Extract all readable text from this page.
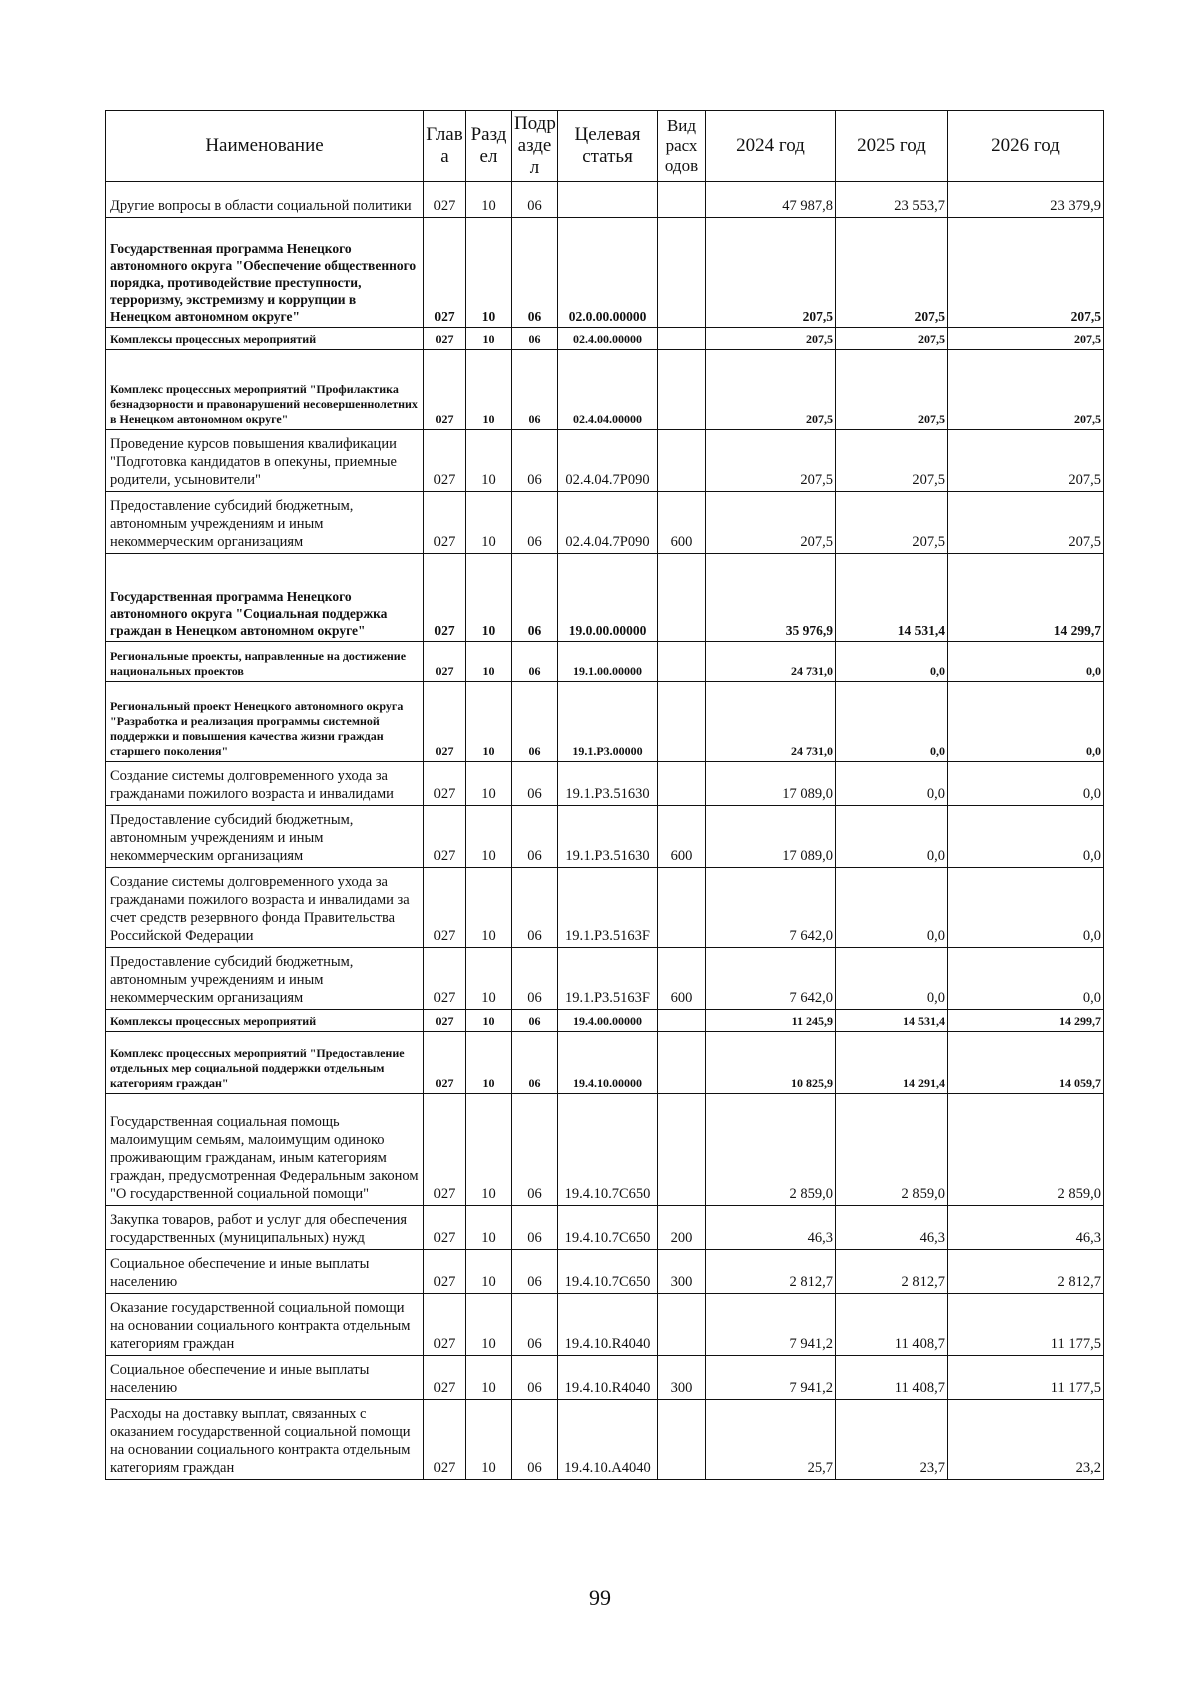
Наименование	Глав а	Разд ел	Подр азде л	Целевая статья	Вид расх одов	2024 год	2025 год	2026 год
Другие вопросы в области социальной политики	027	10	06			47 987,8	23 553,7	23 379,9
Государственная программа Ненецкого автономного округа "Обеспечение общественного порядка, противодействие преступности, терроризму, экстремизму и коррупции в Ненецком автономном округе"	027	10	06	02.0.00.00000		207,5	207,5	207,5
Комплексы процессных мероприятий	027	10	06	02.4.00.00000		207,5	207,5	207,5
Комплекс процессных мероприятий "Профилактика безнадзорности и правонарушений несовершеннолетних в Ненецком автономном округе"	027	10	06	02.4.04.00000		207,5	207,5	207,5
Проведение курсов повышения квалификации "Подготовка кандидатов в опекуны, приемные родители, усыновители"	027	10	06	02.4.04.7Р090		207,5	207,5	207,5
Предоставление субсидий бюджетным, автономным учреждениям и иным некоммерческим организациям	027	10	06	02.4.04.7Р090	600	207,5	207,5	207,5
Государственная программа Ненецкого автономного округа "Социальная поддержка граждан в Ненецком автономном округе"	027	10	06	19.0.00.00000		35 976,9	14 531,4	14 299,7
Региональные проекты, направленные на достижение национальных проектов	027	10	06	19.1.00.00000		24 731,0	0,0	0,0
Региональный проект Ненецкого автономного округа "Разработка и реализация программы системной поддержки и повышения качества жизни граждан старшего поколения"	027	10	06	19.1.Р3.00000		24 731,0	0,0	0,0
Создание системы долговременного ухода за гражданами пожилого возраста и инвалидами	027	10	06	19.1.Р3.51630		17 089,0	0,0	0,0
Предоставление субсидий бюджетным, автономным учреждениям и иным некоммерческим организациям	027	10	06	19.1.Р3.51630	600	17 089,0	0,0	0,0
Создание системы долговременного ухода за гражданами пожилого возраста и инвалидами за счет средств резервного фонда Правительства Российской Федерации	027	10	06	19.1.Р3.5163F		7 642,0	0,0	0,0
Предоставление субсидий бюджетным, автономным учреждениям и иным некоммерческим организациям	027	10	06	19.1.Р3.5163F	600	7 642,0	0,0	0,0
Комплексы процессных мероприятий	027	10	06	19.4.00.00000		11 245,9	14 531,4	14 299,7
Комплекс процессных мероприятий "Предоставление отдельных мер социальной поддержки отдельным категориям граждан"	027	10	06	19.4.10.00000		10 825,9	14 291,4	14 059,7
Государственная социальная помощь малоимущим семьям, малоимущим одиноко проживающим гражданам, иным категориям граждан, предусмотренная Федеральным законом "О государственной социальной помощи"	027	10	06	19.4.10.7С650		2 859,0	2 859,0	2 859,0
Закупка товаров, работ и услуг для обеспечения государственных (муниципальных) нужд	027	10	06	19.4.10.7С650	200	46,3	46,3	46,3
Социальное обеспечение и иные выплаты населению	027	10	06	19.4.10.7С650	300	2 812,7	2 812,7	2 812,7
Оказание государственной социальной помощи на основании социального контракта отдельным категориям граждан	027	10	06	19.4.10.R4040		7 941,2	11 408,7	11 177,5
Социальное обеспечение и иные выплаты населению	027	10	06	19.4.10.R4040	300	7 941,2	11 408,7	11 177,5
Расходы на доставку выплат, связанных с оказанием государственной социальной помощи на основании социального контракта отдельным категориям граждан	027	10	06	19.4.10.А4040		25,7	23,7	23,2
99
